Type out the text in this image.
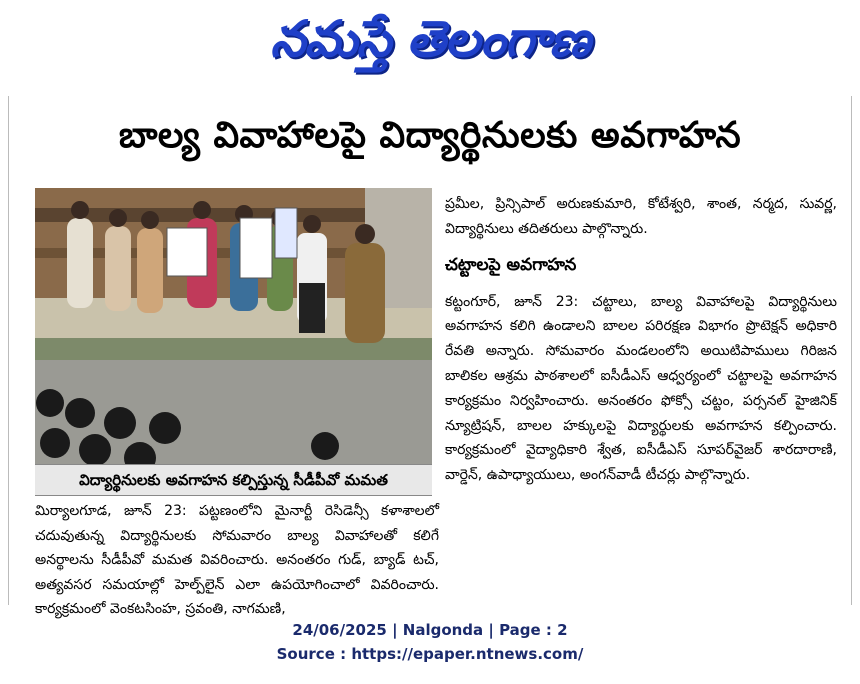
నమస్తే తెలంగాణ
బాల్య వివాహాలపై విద్యార్థినులకు అవగాహన
విద్యార్థినులకు అవగాహన కల్పిస్తున్న సీడీపీవో మమత

మిర్యాలగూడ, జూన్ 23: పట్టణంలోని మైనార్టీ రెసిడెన్సీ కళాశాలలో చదువుతున్న విద్యార్థినులకు సోమవారం బాల్య వివాహాలతో కలిగే అనర్థాలను సీడీపీవో మమత వివరించారు. అనంతరం గుడ్, బ్యాడ్ టచ్, అత్యవసర సమయాల్లో హెల్ప్‌లైన్ ఎలా ఉపయోగించాలో వివరించారు. కార్యక్రమంలో వెంకటసింహ, స్రవంతి, నాగమణి,

ప్రమీల, ప్రిన్సిపాల్ అరుణకుమారి, కోటేశ్వరి, శాంత, నర్మద, సువర్ణ, విద్యార్థినులు తదితరులు పాల్గొన్నారు.

చట్టాలపై అవగాహన

కట్టంగూర్, జూన్ 23: చట్టాలు, బాల్య వివాహాలపై విద్యార్థినులు అవగాహన కలిగి ఉండాలని బాలల పరిరక్షణ విభాగం ప్రొటెక్షన్ అధికారి రేవతి అన్నారు. సోమవారం మండలంలోని అయిటిపాములు గిరిజన బాలికల ఆశ్రమ పాఠశాలలో ఐసీడీఎస్ ఆధ్వర్యంలో చట్టాలపై అవగాహన కార్యక్రమం నిర్వహించారు. అనంతరం ఫోక్సో చట్టం, పర్సనల్ హైజినిక్ న్యూట్రిషన్, బాలల హక్కులపై విద్యార్థులకు అవగాహన కల్పించారు. కార్యక్రమంలో వైద్యాధికారి శ్వేత, ఐసీడీఎస్ సూపర్‌వైజర్ శారదారాణి, వార్డెన్, ఉపాధ్యాయులు, అంగన్‌వాడీ టీచర్లు పాల్గొన్నారు.

24/06/2025 | Nalgonda | Page : 2
Source : https://epaper.ntnews.com/
